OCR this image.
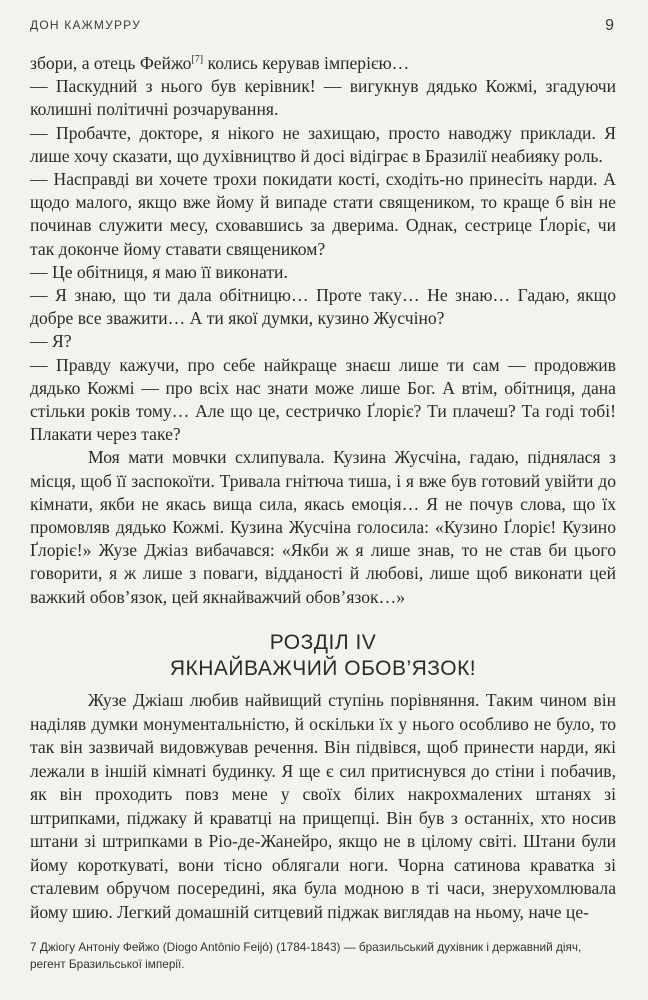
ДОН КАЖМУРРУ	9

збори, а отець Фейжо[7] колись керував імперією…

— Паскудний з нього був керівник! — вигукнув дядько Кожмі, згадуючи колишні політичні розчарування.

— Пробачте, докторе, я нікого не захищаю, просто наводжу приклади. Я лише хочу сказати, що духівництво й досі відіграє в Бразилії неабияку роль.

— Насправді ви хочете трохи покидати кості, сходіть-но принесіть нарди. А щодо малого, якщо вже йому й випаде стати священиком, то краще б він не починав служити месу, сховавшись за дверима. Однак, сестрице Ґлоріє, чи так доконче йому ставати священиком?

— Це обітниця, я маю її виконати.

— Я знаю, що ти дала обітницю… Проте таку… Не знаю… Гадаю, якщо добре все зважити… А ти якої думки, кузино Жусчіно?

— Я?

— Правду кажучи, про себе найкраще знаєш лише ти сам — продовжив дядько Кожмі — про всіх нас знати може лише Бог. А втім, обітниця, дана стільки років тому… Але що це, сестричко Ґлоріє? Ти плачеш? Та годі тобі! Плакати через таке?

Моя мати мовчки схлипувала. Кузина Жусчіна, гадаю, піднялася з місця, щоб її заспокоїти. Тривала гнітюча тиша, і я вже був готовий увійти до кімнати, якби не якась вища сила, якась емоція… Я не почув слова, що їх промовляв дядько Кожмі. Кузина Жусчіна голосила: «Кузино Ґлоріє! Кузино Ґлоріє!» Жузе Джіаз вибачався: «Якби ж я лише знав, то не став би цього говорити, я ж лише з поваги, відданості й любові, лише щоб виконати цей важкий обов’язок, цей якнайважчий обов’язок…»

РОЗДІЛ IV
ЯКНАЙВАЖЧИЙ ОБОВ’ЯЗОК!

Жузе Джіаш любив найвищий ступінь порівняння. Таким чином він наділяв думки монументальністю, й оскільки їх у нього особливо не було, то так він зазвичай видовжував речення. Він підвівся, щоб принести нарди, які лежали в іншій кімнаті будинку. Я ще є сил притиснувся до стіни і побачив, як він проходить повз мене у своїх білих накрохмалених штанях зі штрипками, піджаку й краватці на прищепці. Він був з останніх, хто носив штани зі штрипками в Ріо-де-Жанейро, якщо не в цілому світі. Штани були йому короткуваті, вони тісно облягали ноги. Чорна сатинова краватка зі сталевим обручом посередині, яка була модною в ті часи, знерухомлювала йому шию. Легкий домашній ситцевий піджак виглядав на ньому, наче це-

7 Джіогу Антоніу Фейжо (Diogo Antônio Feijó) (1784-1843) — бразильський духівник і державний діяч, регент Бразильської імперії.
